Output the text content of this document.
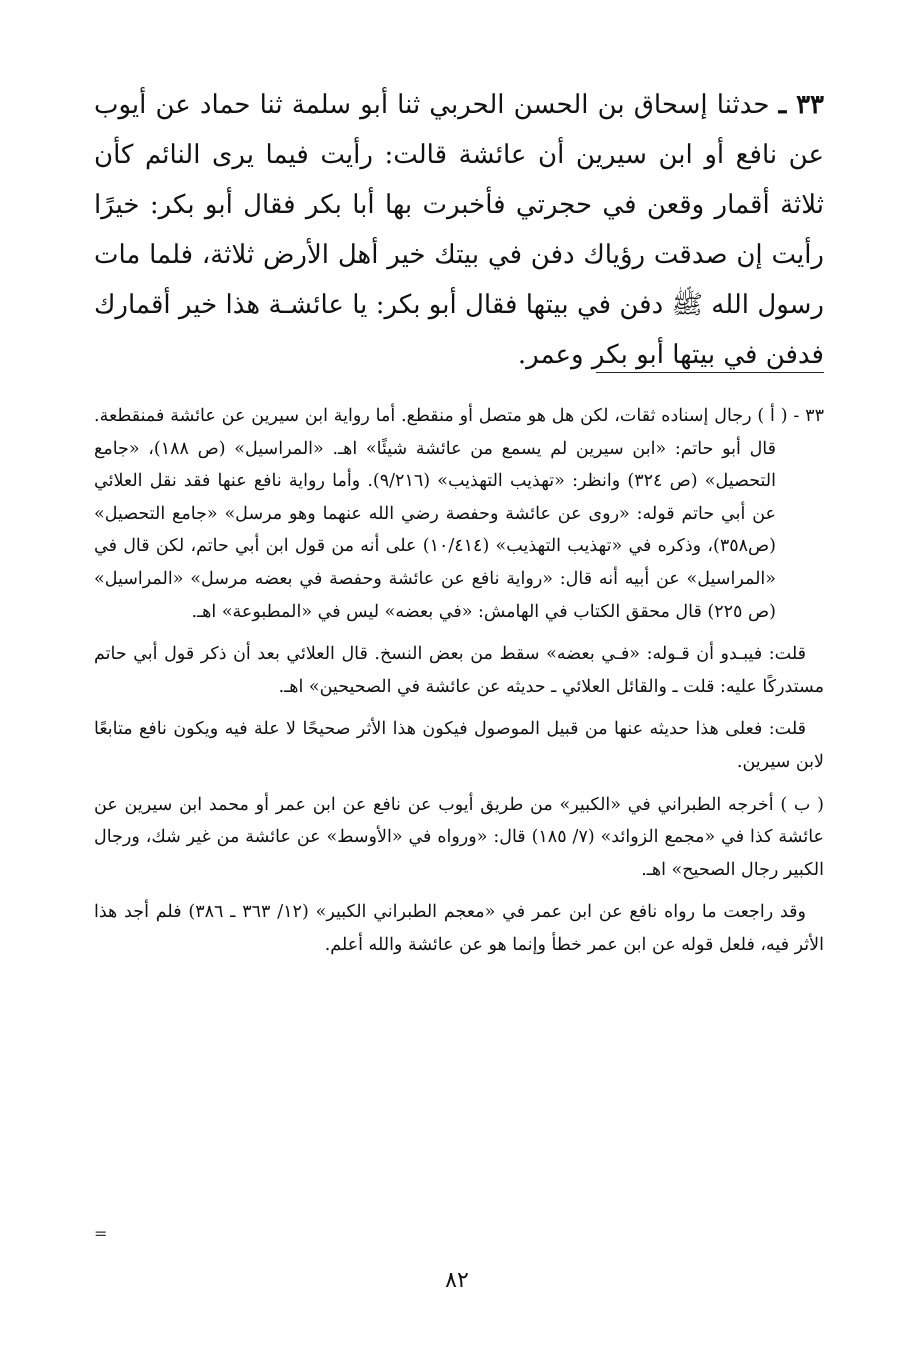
٣٣ ـ حدثنا إسحاق بن الحسن الحربي ثنا أبو سلمة ثنا حماد عن أيوب عن نافع أو ابن سيرين أن عائشة قالت: رأيت فيما يرى النائم كأن ثلاثة أقمار وقعن في حجرتي فأخبرت بها أبا بكر فقال أبو بكر: خيرًا رأيت إن صدقت رؤياك دفن في بيتك خير أهل الأرض ثلاثة، فلما مات رسول الله ﷺ دفن في بيتها فقال أبو بكر: يا عائشـة هذا خير أقمارك فدفن في بيتها أبو بكر وعمر.

٣٣ - ( أ ) رجال إسناده ثقات، لكن هل هو متصل أو منقطع. أما رواية ابن سيرين عن عائشة فمنقطعة. قال أبو حاتم: «ابن سيرين لم يسمع من عائشة شيئًا» اهـ. «المراسيل» (ص ١٨٨)، «جامع التحصيل» (ص ٣٢٤) وانظر: «تهذيب التهذيب» (٩/٢١٦). وأما رواية نافع عنها فقد نقل العلائي عن أبي حاتم قوله: «روى عن عائشة وحفصة رضي الله عنهما وهو مرسل» «جامع التحصيل» (ص٣٥٨)، وذكره في «تهذيب التهذيب» (١٠/٤١٤) على أنه من قول ابن أبي حاتم، لكن قال في «المراسيل» عن أبيه أنه قال: «رواية نافع عن عائشة وحفصة في بعضه مرسل» «المراسيل» (ص ٢٢٥) قال محقق الكتاب في الهامش: «في بعضه» ليس في «المطبوعة» اهـ.

قلت: فيبـدو أن قـوله: «فـي بعضه» سقط من بعض النسخ. قال العلائي بعد أن ذكر قول أبي حاتم مستدركًا عليه: قلت ـ والقائل العلائي ـ حديثه عن عائشة في الصحيحين» اهـ.

قلت: فعلى هذا حديثه عنها من قبيل الموصول فيكون هذا الأثر صحيحًا لا علة فيه ويكون نافع متابعًا لابن سيرين.

( ب ) أخرجه الطبراني في «الكبير» من طريق أيوب عن نافع عن ابن عمر أو محمد ابن سيرين عن عائشة كذا في «مجمع الزوائد» (٧/ ١٨٥) قال: «ورواه في «الأوسط» عن عائشة من غير شك، ورجال الكبير رجال الصحيح» اهـ.

وقد راجعت ما رواه نافع عن ابن عمر في «معجم الطبراني الكبير» (١٢/ ٣٦٣ ـ ٣٨٦) فلم أجد هذا الأثر فيه، فلعل قوله عن ابن عمر خطأ وإنما هو عن عائشة والله أعلم.

=
٨٢
